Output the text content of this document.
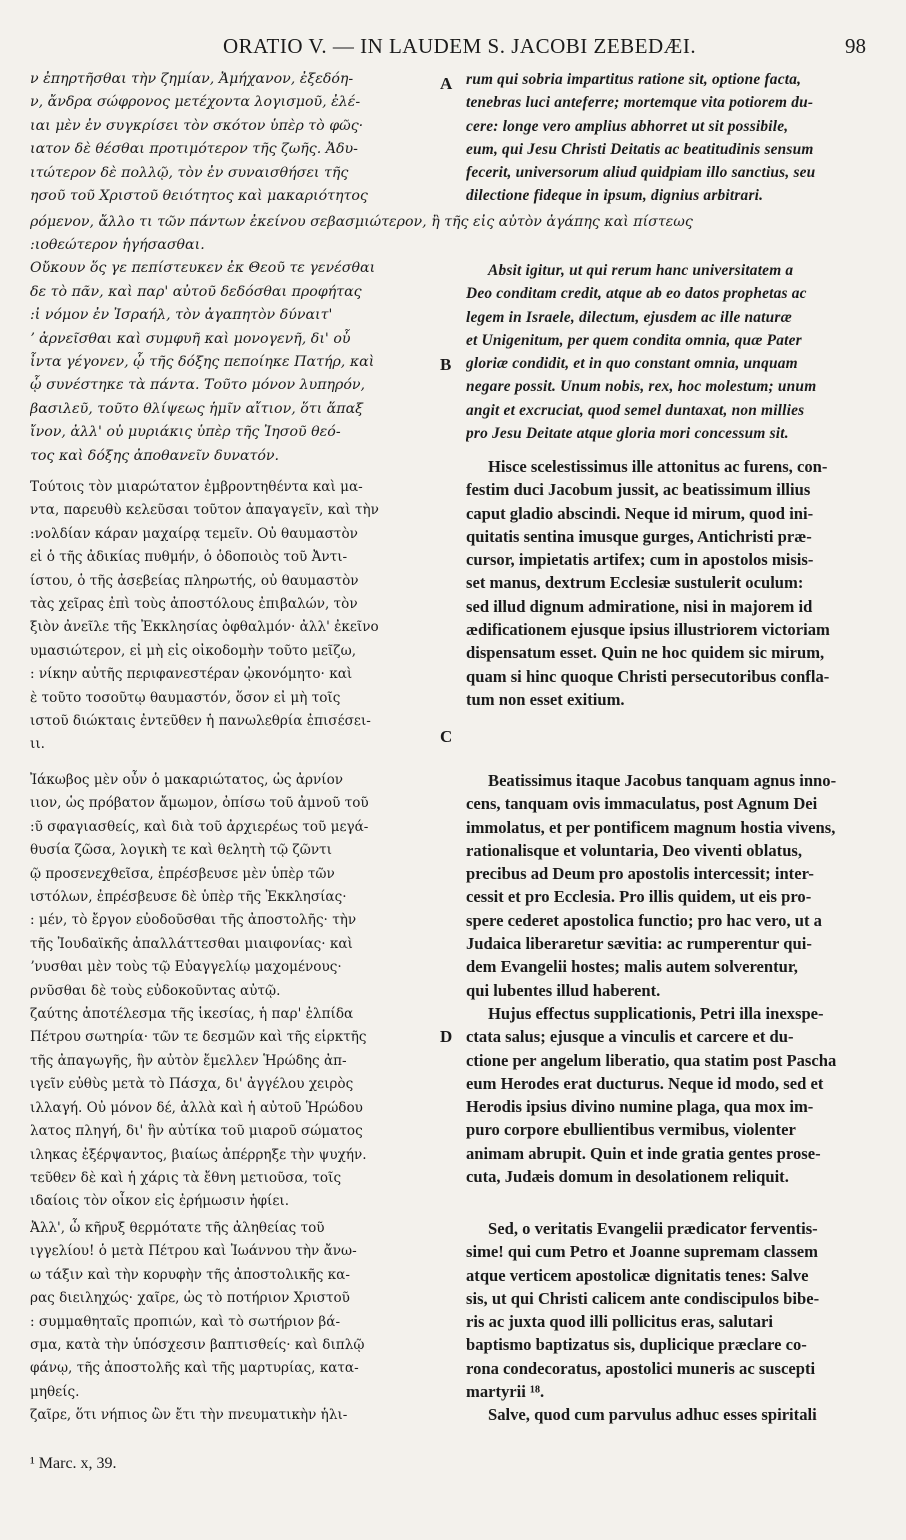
ORATIO V. — IN LAUDEM S. JACOBI ZEBEDÆI.	98

ν ἐπηρτῆσθαι τὴν ζημίαν, Ἀμήχανον, ἐξεδόη-

ν, ἄνδρα σώφρονος μετέχοντα λογισμοῦ, ἐλέ-

ιαι μὲν ἐν συγκρίσει τὸν σκότον ὑπὲρ τὸ φῶς·

ιατον δὲ θέσθαι προτιμότερον τῆς ζωῆς. Ἀδυ-

ιτώτερον δὲ πολλῷ, τὸν ἐν συναισθήσει τῆς

ησοῦ τοῦ Χριστοῦ θειότητος καὶ μακαριότητος

:ιοθεώτερον ἡγήσασθαι.

Οὔκουν ὅς γε πεπίστευκεν ἐκ Θεοῦ τε γενέσθαι

δε τὸ πᾶν, καὶ παρ' αὐτοῦ δεδόσθαι προφήτας

:ἰ νόμον ἐν Ἰσραήλ, τὸν ἀγαπητὸν δύναιτ'

ʼ ἀρνεῖσθαι καὶ συμφυῆ καὶ μονογενῆ, δι' οὗ

ἶντα γέγονεν, ᾧ τῆς δόξης πεποίηκε Πατήρ, καὶ

ᾧ συνέστηκε τὰ πάντα. Τοῦτο μόνον λυπηρόν,

βασιλεῦ, τοῦτο θλίψεως ἡμῖν αἴτιον, ὅτι ἅπαξ

ἴνον, ἀλλ' οὐ μυριάκις ὑπὲρ τῆς Ἰησοῦ θεό-

τος καὶ δόξης ἀποθανεῖν δυνατόν.

Τούτοις τὸν μιαρώτατον ἐμβροντηθέντα καὶ μα-

ντα, παρευθὺ κελεῦσαι τοῦτον ἀπαγαγεῖν, καὶ τὴν

:νολδίαν κάραν μαχαίρᾳ τεμεῖν. Οὐ θαυμαστὸν

εἰ ὁ τῆς ἀδικίας πυθμήν, ὁ ὁδοποιὸς τοῦ Ἀντι-

ίστου, ὁ τῆς ἀσεβείας πληρωτής, οὐ θαυμαστὸν

τὰς χεῖρας ἐπὶ τοὺς ἀποστόλους ἐπιβαλών, τὸν

ξιὸν ἀνεῖλε τῆς Ἐκκλησίας ὀφθαλμόν· ἀλλ' ἐκεῖνο

υμασιώτερον, εἰ μὴ εἰς οἰκοδομὴν τοῦτο μεῖζω,

: νίκην αὐτῆς περιφανεστέραν ᾠκονόμητο· καὶ

ὲ τοῦτο τοσοῦτῳ θαυμαστόν, ὅσον εἰ μὴ τοῖς

ιστοῦ διώκταις ἐντεῦθεν ἡ πανωλεθρία ἐπισέσει-

ιι.

Ἰάκωβος μὲν οὖν ὁ μακαριώτατος, ὡς ἀρνίον

ιιον, ὡς πρόβατον ἄμωμον, ὀπίσω τοῦ ἀμνοῦ τοῦ

:ῦ σφαγιασθείς, καὶ διὰ τοῦ ἀρχιερέως τοῦ μεγά-

θυσία ζῶσα, λογικὴ τε καὶ θελητὴ τῷ ζῶντι

ῷ προσενεχθεῖσα, ἐπρέσβευσε μὲν ὑπὲρ τῶν

ιστόλων, ἐπρέσβευσε δὲ ὑπὲρ τῆς Ἐκκλησίας·

: μέν, τὸ ἔργον εὐοδοῦσθαι τῆς ἀποστολῆς· τὴν

τῆς Ἰουδαϊκῆς ἀπαλλάττεσθαι μιαιφονίας· καὶ

ʼνυσθαι μὲν τοὺς τῷ Εὐαγγελίῳ μαχομένους·

ρνῦσθαι δὲ τοὺς εὐδοκοῦντας αὐτῷ.

ζαύτης ἀποτέλεσμα τῆς ἱκεσίας, ἡ παρ' ἐλπίδα

Πέτρου σωτηρία· τῶν τε δεσμῶν καὶ τῆς εἱρκτῆς

τῆς ἀπαγωγῆς, ἣν αὐτὸν ἔμελλεν Ἡρώδης ἀπ-

ιγεῖν εὐθὺς μετὰ τὸ Πάσχα, δι' ἀγγέλου χειρὸς

ιλλαγή. Οὐ μόνον δέ, ἀλλὰ καὶ ἡ αὐτοῦ Ἡρώδου

λατος πληγή, δι' ἣν αὐτίκα τοῦ μιαροῦ σώματος

ιληκας ἐξέρψαντος, βιαίως ἀπέρρηξε τὴν ψυχήν.

τεῦθεν δὲ καὶ ἡ χάρις τὰ ἔθνη μετιοῦσα, τοῖς

ιδαίοις τὸν οἶκον εἰς ἐρήμωσιν ἡφίει.

Ἀλλ', ὦ κῆρυξ θερμότατε τῆς ἀληθείας τοῦ

ιγγελίου! ὁ μετὰ Πέτρου καὶ Ἰωάννου τὴν ἄνω-

ω τάξιν καὶ τὴν κορυφὴν τῆς ἀποστολικῆς κα-

ρας διειληχώς· χαῖρε, ὡς τὸ ποτήριον Χριστοῦ

: συμμαθηταῖς προπιών, καὶ τὸ σωτήριον βά-

σμα, κατὰ τὴν ὑπόσχεσιν βαπτισθείς· καὶ διπλῷ

φάνῳ, τῆς ἀποστολῆς καὶ τῆς μαρτυρίας, κατα-

μηθείς.

ζαῖρε, ὅτι νήπιος ὢν ἔτι τὴν πνευματικὴν ἡλι-

ρόμενον, ἄλλο τι τῶν πάντων ἐκείνου σεβασμιώτερον, ἢ τῆς εἰς αὐτὸν ἀγάπης καὶ πίστεως

rum qui sobria impartitus ratione sit, optione facta,

tenebras luci anteferre; mortemque vita potiorem du-

cere: longe vero amplius abhorret ut sit possibile,

eum, qui Jesu Christi Deitatis ac beatitudinis sensum

fecerit, universorum aliud quidpiam illo sanctius, seu

dilectione fideque in ipsum, dignius arbitrari.

Absit igitur, ut qui rerum hanc universitatem a

Deo conditam credit, atque ab eo datos prophetas ac

legem in Israele, dilectum, ejusdem ac ille naturæ

et Unigenitum, per quem condita omnia, quæ Pater

gloriæ condidit, et in quo constant omnia, unquam

negare possit. Unum nobis, rex, hoc molestum; unum

angit et excruciat, quod semel duntaxat, non millies

pro Jesu Deitate atque gloria mori concessum sit.

Hisce scelestissimus ille attonitus ac furens, con-

festim duci Jacobum jussit, ac beatissimum illius

caput gladio abscindi. Neque id mirum, quod ini-

quitatis sentina imusque gurges, Antichristi præ-

cursor, impietatis artifex; cum in apostolos misis-

set manus, dextrum Ecclesiæ sustulerit oculum:

sed illud dignum admiratione, nisi in majorem id

ædificationem ejusque ipsius illustriorem victoriam

dispensatum esset. Quin ne hoc quidem sic mirum,

quam si hinc quoque Christi persecutoribus confla-

tum non esset exitium.

Beatissimus itaque Jacobus tanquam agnus inno-

cens, tanquam ovis immaculatus, post Agnum Dei

immolatus, et per pontificem magnum hostia vivens,

rationalisque et voluntaria, Deo viventi oblatus,

precibus ad Deum pro apostolis intercessit; inter-

cessit et pro Ecclesia. Pro illis quidem, ut eis pro-

spere cederet apostolica functio; pro hac vero, ut a

Judaica liberaretur sævitia: ac rumperentur qui-

dem Evangelii hostes; malis autem solverentur,

qui lubentes illud haberent.

Hujus effectus supplicationis, Petri illa inexspe-

ctata salus; ejusque a vinculis et carcere et du-

ctione per angelum liberatio, qua statim post Pascha

eum Herodes erat ducturus. Neque id modo, sed et

Herodis ipsius divino numine plaga, qua mox im-

puro corpore ebullientibus vermibus, violenter

animam abrupit. Quin et inde gratia gentes prose-

cuta, Judæis domum in desolationem reliquit.

Sed, o veritatis Evangelii prædicator ferventis-

sime! qui cum Petro et Joanne supremam classem

atque verticem apostolicæ dignitatis tenes: Salve

sis, ut qui Christi calicem ante condiscipulos bibe-

ris ac juxta quod illi pollicitus eras, salutari

baptismo baptizatus sis, duplicique præclare co-

rona condecoratus, apostolici muneris ac suscepti

martyrii ¹⁸.

Salve, quod cum parvulus adhuc esses spiritali

A
B
C
D
¹ Marc. x, 39.
